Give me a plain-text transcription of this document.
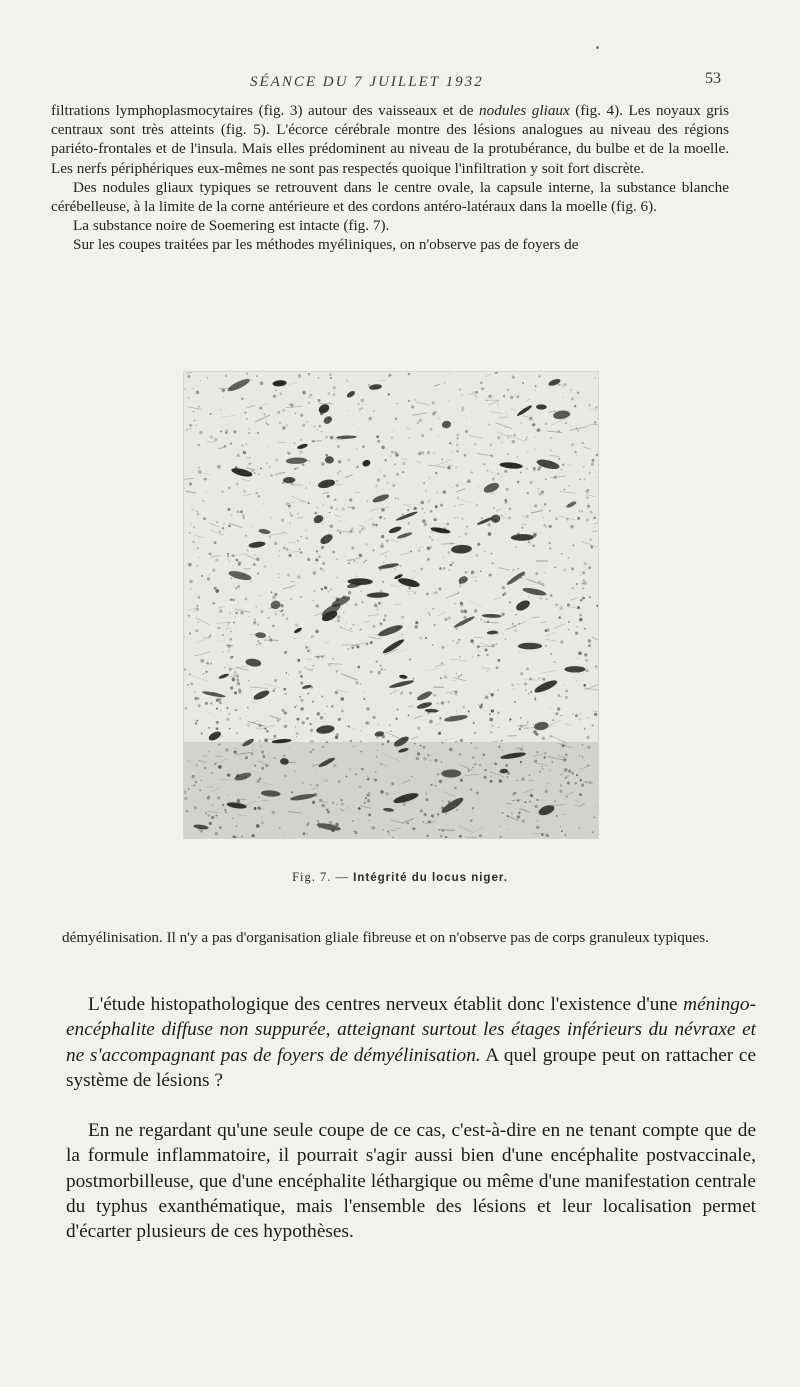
SÉANCE DU 7 JUILLET 1932	53

filtrations lymphoplasmocytaires (fig. 3) autour des vaisseaux et de nodules gliaux (fig. 4). Les noyaux gris centraux sont très atteints (fig. 5). L'écorce cérébrale montre des lésions analogues au niveau des régions pariéto-frontales et de l'insula. Mais elles prédominent au niveau de la protubérance, du bulbe et de la moelle. Les nerfs périphériques eux-mêmes ne sont pas respectés quoique l'infiltration y soit fort discrète.

Des nodules gliaux typiques se retrouvent dans le centre ovale, la capsule interne, la substance blanche cérébelleuse, à la limite de la corne antérieure et des cordons antéro-latéraux dans la moelle (fig. 6).

La substance noire de Soemering est intacte (fig. 7).

Sur les coupes traitées par les méthodes myéliniques, on n'observe pas de foyers de

Fig. 7. — Intégrité du locus niger.

démyélinisation. Il n'y a pas d'organisation gliale fibreuse et on n'observe pas de corps granuleux typiques.

L'étude histopathologique des centres nerveux établit donc l'existence d'une méningo-encéphalite diffuse non suppurée, atteignant surtout les étages inférieurs du névraxe et ne s'accompagnant pas de foyers de démyélinisation. A quel groupe peut on rattacher ce système de lésions ?

En ne regardant qu'une seule coupe de ce cas, c'est-à-dire en ne tenant compte que de la formule inflammatoire, il pourrait s'agir aussi bien d'une encéphalite postvaccinale, postmorbilleuse, que d'une encéphalite léthargique ou même d'une manifestation centrale du typhus exanthématique, mais l'ensemble des lésions et leur localisation permet d'écarter plusieurs de ces hypothèses.
